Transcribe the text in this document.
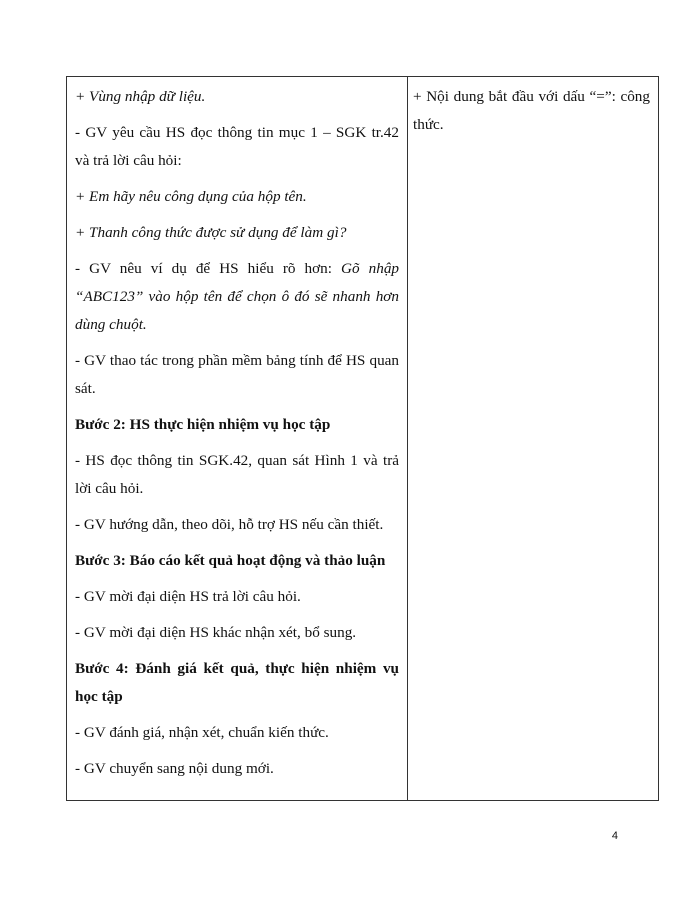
+ Vùng nhập dữ liệu.

- GV yêu cầu HS đọc thông tin mục 1 – SGK tr.42 và trả lời câu hỏi:

+ Em hãy nêu công dụng của hộp tên.

+ Thanh công thức được sử dụng để làm gì?

- GV nêu ví dụ để HS hiểu rõ hơn: Gõ nhập “ABC123” vào hộp tên để chọn ô đó sẽ nhanh hơn dùng chuột.

- GV thao tác trong phần mềm bảng tính để HS quan sát.

Bước 2: HS thực hiện nhiệm vụ học tập

- HS đọc thông tin SGK.42, quan sát Hình 1 và trả lời câu hỏi.

- GV hướng dẫn, theo dõi, hỗ trợ HS nếu cần thiết.

Bước 3: Báo cáo kết quả hoạt động và thảo luận

- GV mời đại diện HS trả lời câu hỏi.

- GV mời đại diện HS khác nhận xét, bổ sung.

Bước 4: Đánh giá kết quả, thực hiện nhiệm vụ học tập

- GV đánh giá, nhận xét, chuẩn kiến thức.

- GV chuyển sang nội dung mới.

+ Nội dung bắt đầu với dấu “=”: công thức.

4
